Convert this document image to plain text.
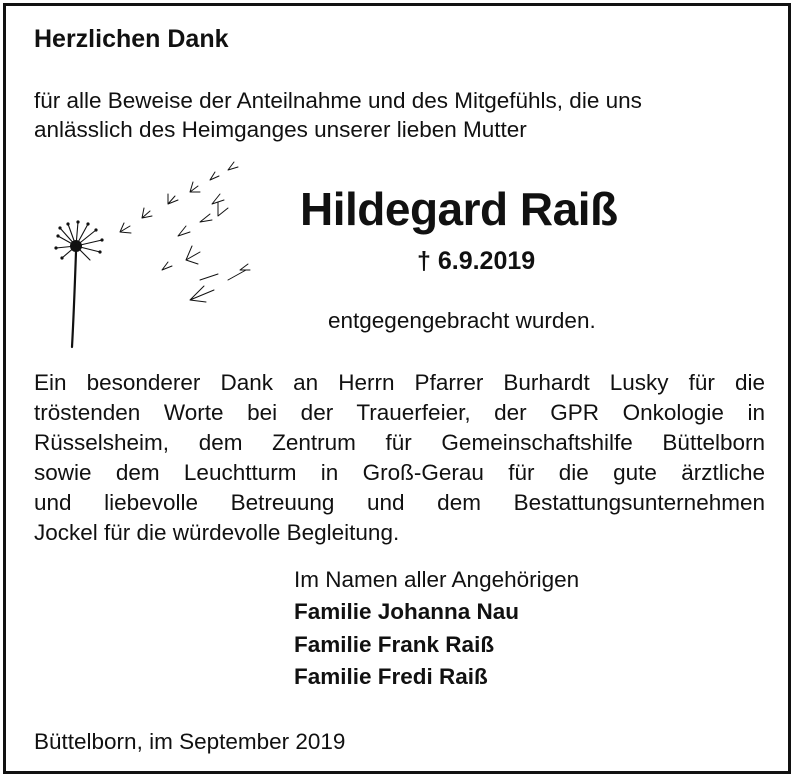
Herzlichen Dank

für alle Beweise der Anteilnahme und des Mitgefühls, die uns

anlässlich des Heimganges unserer lieben Mutter

Hildegard Raiß

† 6.9.2019

entgegengebracht wurden.

Ein besonderer Dank an Herrn Pfarrer Burhardt Lusky für die
tröstenden Worte bei der Trauerfeier, der GPR Onkologie in
Rüsselsheim, dem Zentrum für Gemeinschaftshilfe Büttelborn
sowie dem Leuchtturm in Groß-Gerau für die gute ärztliche
und liebevolle Betreuung und dem Bestattungsunternehmen
Jockel für die würdevolle Begleitung.

Im Namen aller Angehörigen

Familie Johanna Nau

Familie Frank Raiß

Familie Fredi Raiß

Büttelborn, im September 2019
